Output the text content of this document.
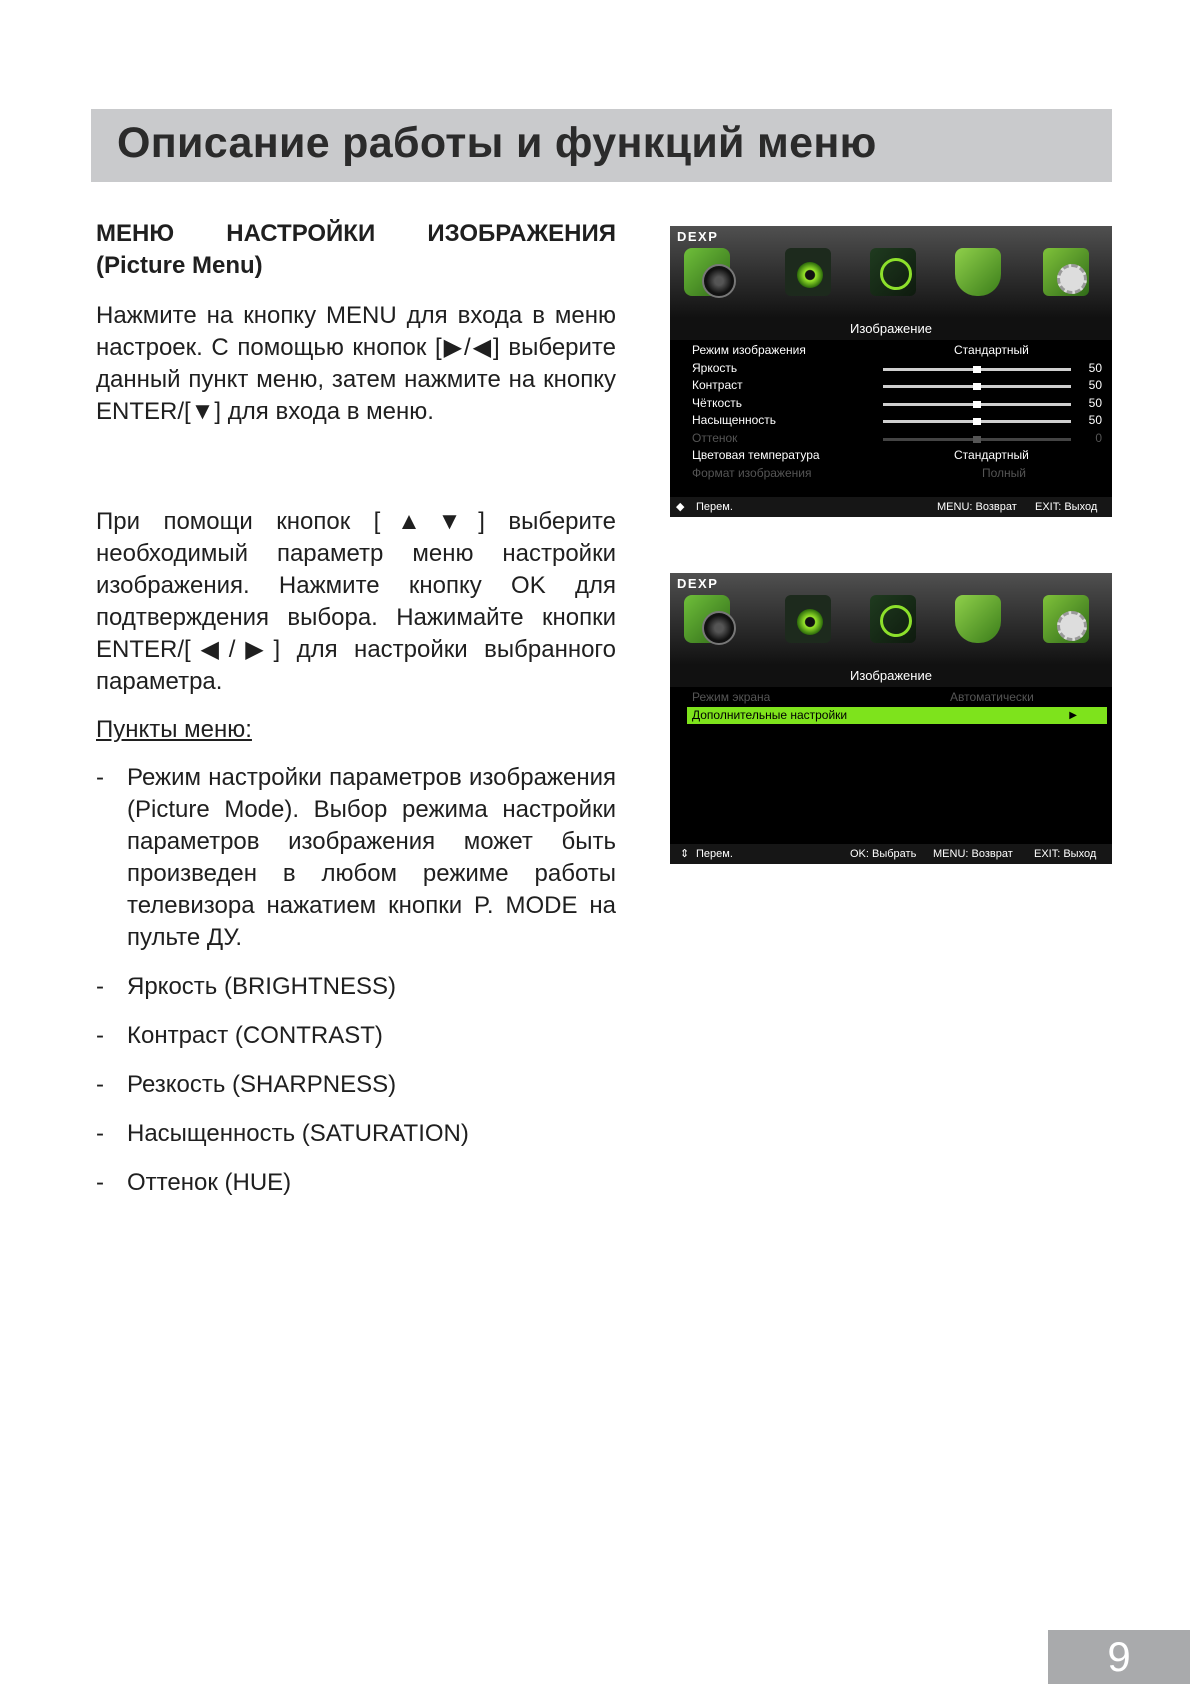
Описание работы и функций меню
МЕНЮ НАСТРОЙКИ ИЗОБРАЖЕНИЯ
(Picture Menu)

Нажмите на кнопку MENU для входа в меню настроек. С помощью кнопок [▶/◀] выберите данный пункт меню, затем нажмите на кнопку ENTER/[▼] для входа в меню.

При помощи кнопок [▲▼] выберите необходимый параметр меню настройки изображения. Нажмите кнопку OK для подтверждения выбора. Нажимайте кнопки ENTER/[◀/▶] для настройки выбранного параметра.

Пункты меню:
- Режим настройки параметров изображения (Picture Mode). Выбор режима настройки параметров изображения может быть произведен в любом режиме работы телевизора нажатием кнопки P. MODE на пульте ДУ.
- Яркость (BRIGHTNESS)
- Контраст (CONTRAST)
- Резкость (SHARPNESS)
- Насыщенность (SATURATION)
- Оттенок (HUE)
DEXP
Изображение
Режим изображения	Стандартный
Яркость	50
Контраст	50
Чёткость	50
Насыщенность	50
Оттенок	0
Цветовая температура	Стандартный
Формат изображения	Полный
◆ Перем.	MENU: Возврат EXIT: Выход
DEXP
Изображение
Режим экрана	Автоматически
Дополнительные настройки	▶
⇕ Перем.	OK: Выбрать MENU: Возврат EXIT: Выход
9
